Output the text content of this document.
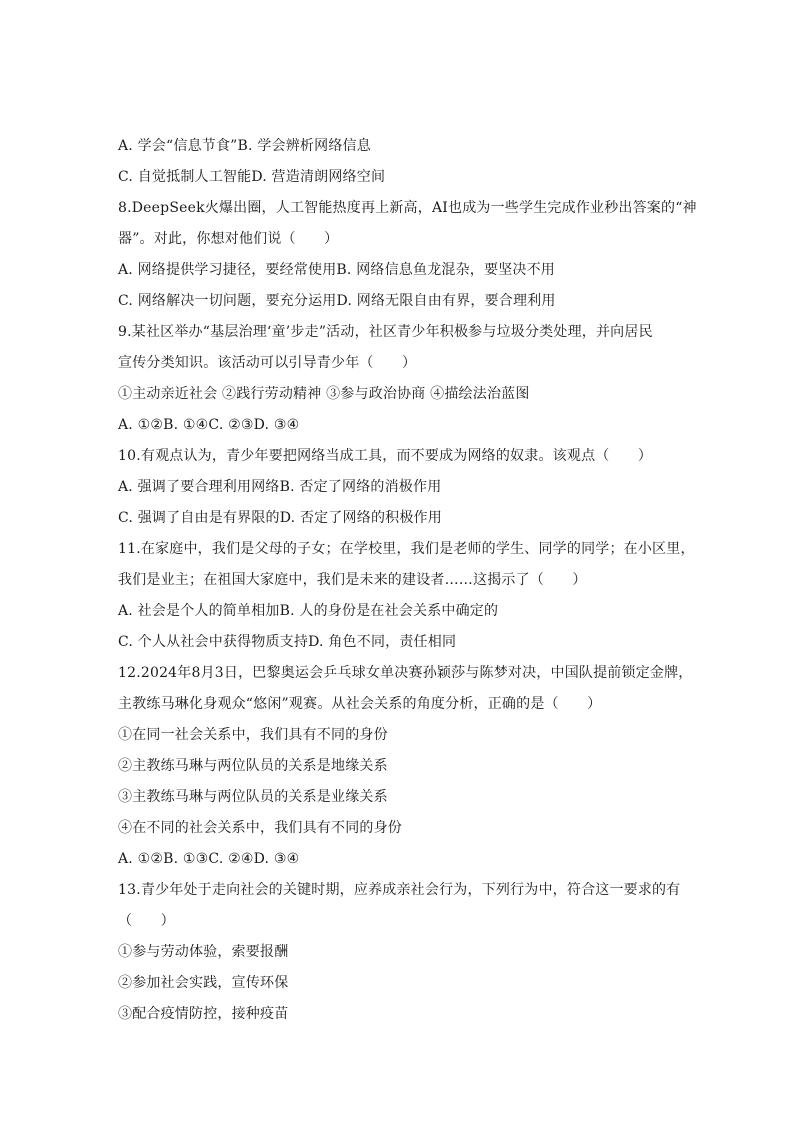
A. 学会“信息节食”B. 学会辨析网络信息
C. 自觉抵制人工智能D. 营造清朗网络空间
8.DeepSeek火爆出圈，人工智能热度再上新高，AI也成为一些学生完成作业秒出答案的“神
器”。对此，你想对他们说（　　）
A. 网络提供学习捷径，要经常使用B. 网络信息鱼龙混杂，要坚决不用
C. 网络解决一切问题，要充分运用D. 网络无限自由有界，要合理利用
9.某社区举办“基层治理‘童’步走”活动，社区青少年积极参与垃圾分类处理，并向居民
宣传分类知识。该活动可以引导青少年（　　）
①主动亲近社会 ②践行劳动精神 ③参与政治协商 ④描绘法治蓝图
A. ①②B. ①④C. ②③D. ③④
10.有观点认为，青少年要把网络当成工具，而不要成为网络的奴隶。该观点（　　）
A. 强调了要合理利用网络B. 否定了网络的消极作用
C. 强调了自由是有界限的D. 否定了网络的积极作用
11.在家庭中，我们是父母的子女；在学校里，我们是老师的学生、同学的同学；在小区里，
我们是业主；在祖国大家庭中，我们是未来的建设者……这揭示了（　　）
A. 社会是个人的简单相加B. 人的身份是在社会关系中确定的
C. 个人从社会中获得物质支持D. 角色不同，责任相同
12.2024年8月3日，巴黎奥运会乒乓球女单决赛孙颖莎与陈梦对决，中国队提前锁定金牌，
主教练马琳化身观众“悠闲”观赛。从社会关系的角度分析，正确的是（　　）
①在同一社会关系中，我们具有不同的身份
②主教练马琳与两位队员的关系是地缘关系
③主教练马琳与两位队员的关系是业缘关系
④在不同的社会关系中，我们具有不同的身份
A. ①②B. ①③C. ②④D. ③④
13.青少年处于走向社会的关键时期，应养成亲社会行为，下列行为中，符合这一要求的有
（　　）
①参与劳动体验，索要报酬
②参加社会实践，宣传环保
③配合疫情防控，接种疫苗
